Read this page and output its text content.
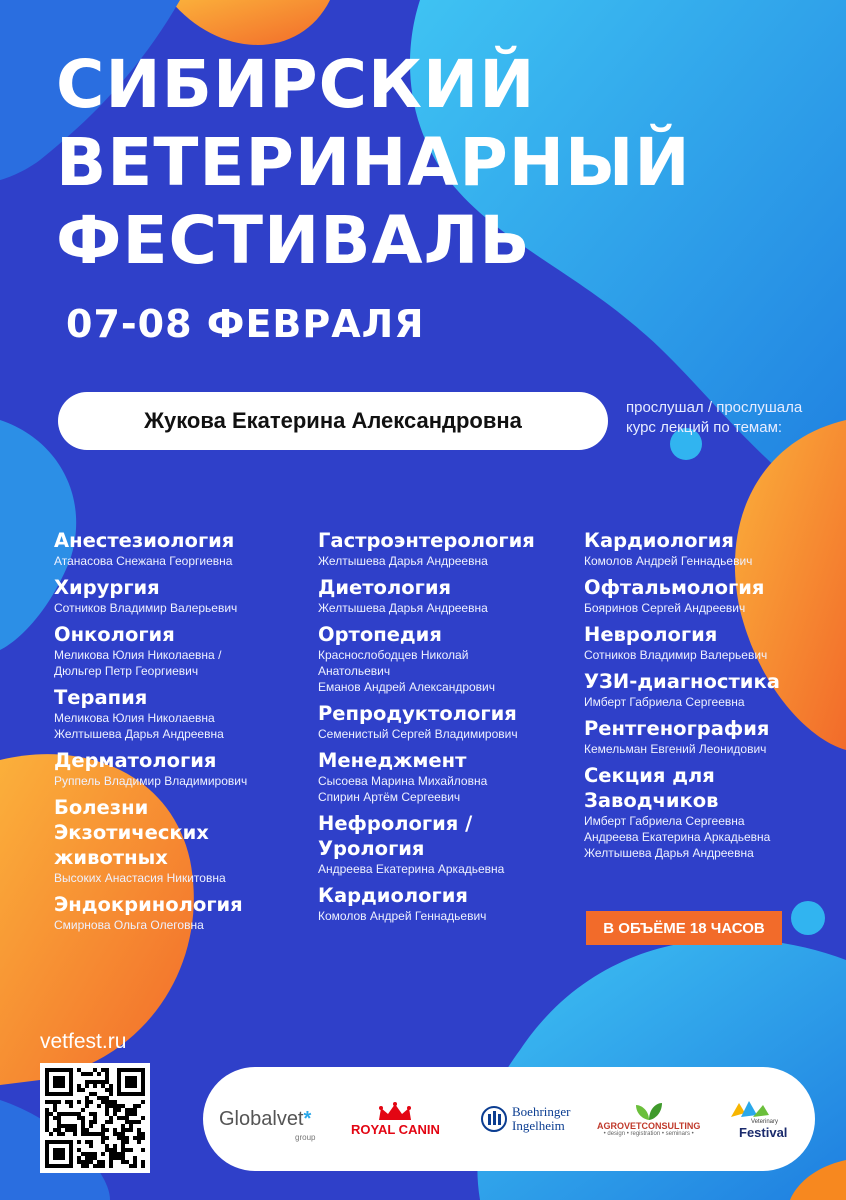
СИБИРСКИЙ
ВЕТЕРИНАРНЫЙ
ФЕСТИВАЛЬ
07-08 ФЕВРАЛЯ
Жукова Екатерина Александровна
прослушал / прослушала
курс лекций по темам:
Анестезиология
Атанасова Снежана Георгиевна
Хирургия
Сотников Владимир Валерьевич
Онкология
Меликова Юлия Николаевна /
Дюльгер Петр Георгиевич
Терапия
Меликова Юлия Николаевна
Желтышева Дарья Андреевна
Дерматология
Руппель Владимир Владимирович
Болезни Экзотических животных
Высоких Анастасия Никитовна
Эндокринология
Смирнова Ольга Олеговна
Гастроэнтерология
Желтышева Дарья Андреевна
Диетология
Желтышева Дарья Андреевна
Ортопедия
Краснослободцев Николай
Анатольевич
Еманов Андрей Александрович
Репродуктология
Семенистый Сергей Владимирович
Менеджмент
Сысоева Марина Михайловна
Спирин Артём Сергеевич
Нефрология / Урология
Андреева Екатерина Аркадьевна
Кардиология
Комолов Андрей Геннадьевич
Кардиология
Комолов Андрей Геннадьевич
Офтальмология
Бояринов Сергей Андреевич
Неврология
Сотников Владимир Валерьевич
УЗИ-диагностика
Имберт Габриела Сергеевна
Рентгенография
Кемельман Евгений Леонидович
Секция для Заводчиков
Имберт Габриела Сергеевна
Андреева Екатерина Аркадьевна
Желтышева Дарья Андреевна
В ОБЪЁМЕ 18 ЧАСОВ
vetfest.ru
Globalvet *
group
ROYAL CANIN
Boehringer
Ingelheim	AGROVETCONSULTING
• design • registration • seminars •
Veterinary
Festival
